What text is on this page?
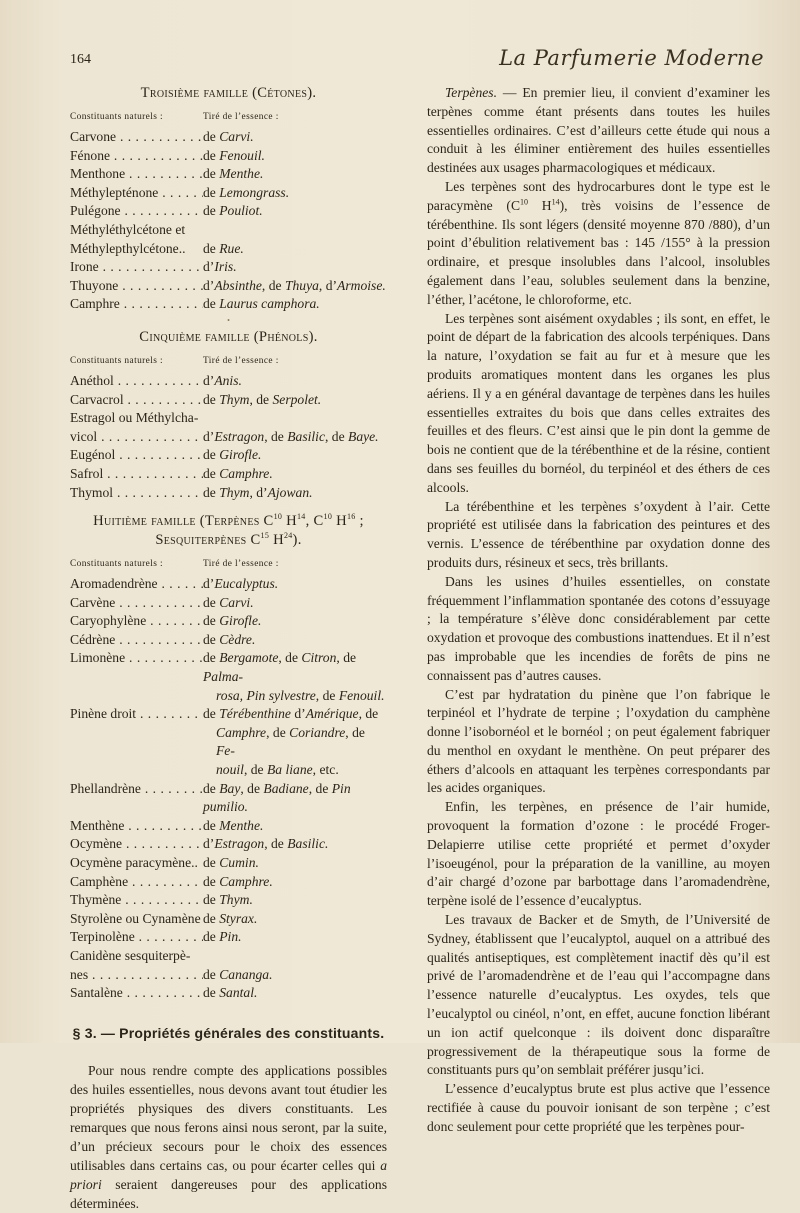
164	La Parfumerie Moderne
Troisième famille (Cétones).
Constituants naturels :	Tiré de l’essence :
Carvone . . .	de Carvi.
Fénone . . .	de Fenouil.
Menthone . . .	de Menthe.
Méthylepténone . . .	de Lemongrass.
Pulégone . . .	de Pouliot.
Méthyléthylcétone et
Méthylepthylcétone..	de Rue.
Irone . . .	d’Iris.
Thuyone . . .	d’Absinthe, de Thuya, d’Armoise.
Camphre . . .	de Laurus camphora.
•
Cinquième famille (Phénols).
Constituants naturels :	Tiré de l’essence :
Anéthol . . .	d’Anis.
Carvacrol . . .	de Thym, de Serpolet.
Estragol ou Méthylcha-
vicol . . .	d’Estragon, de Basilic, de Baye.
Eugénol . . .	de Girofle.
Safrol . . .	de Camphre.
Thymol . . .	de Thym, d’Ajowan.
Huitième famille (Terpènes $C^{10}$ $H^{14}$, $C^{10}$ $H^{16}$ ;
Sesquiterpènes $C^{15}$ $H^{24}$).
Constituants naturels :	Tiré de l’essence :
Aromadendrène . . .	d’Eucalyptus.
Carvène . . .	de Carvi.
Caryophylène . . .	de Girofle.
Cédrène . . .	de Cèdre.
Limonène . . .	de Bergamote, de Citron, de Palma-
rosa, Pin sylvestre, de Fenouil.
Pinène droit . . .	de Térébenthine d’Amérique, de
Camphre, de Coriandre, de Fe-
nouil, de Ba liane, etc.
Phellandrène . . .	de Bay, de Badiane, de Pin pumilio.
Menthène . . .	de Menthe.
Ocymène . . .	d’Estragon, de Basilic.
Ocymène paracymène.. de Cumin.
Camphène . . .	de Camphre.
Thymène . . .	de Thym.
Styrolène ou Cynamène . . . de Styrax.
Terpinolène . . .	de Pin.
Canidène sesquiterpè-
nes . . .	de Cananga.
Santalène . . .	de Santal.
§ 3. — Propriétés générales des constituants.

Pour nous rendre compte des applications possibles des huiles essentielles, nous devons avant tout étudier les propriétés physiques des divers constituants. Les remarques que nous ferons ainsi nous seront, par la suite, d’un précieux secours pour le choix des essences utilisables dans certains cas, ou pour écarter celles qui a priori seraient dangereuses pour des applications déterminées.

Terpènes. — En premier lieu, il convient d’examiner les terpènes comme étant présents dans toutes les huiles essentielles ordinaires. C’est d’ailleurs cette étude qui nous a conduit à les éliminer entièrement des huiles essentielles destinées aux usages pharmacologiques et médicaux.

Les terpènes sont des hydrocarbures dont le type est le paracymène ($C^{10}$ $H^{14}$), très voisins de l’essence de térébenthine. Ils sont légers (densité moyenne 870 /880), d’un point d’ébulition relativement bas : 145 /155° à la pression ordinaire, et presque insolubles dans l’alcool, insolubles également dans l’eau, solubles seulement dans la benzine, l’éther, l’acétone, le chloroforme, etc.

Les terpènes sont aisément oxydables ; ils sont, en effet, le point de départ de la fabrication des alcools terpéniques. Dans la nature, l’oxydation se fait au fur et à mesure que les produits aromatiques montent dans les organes les plus aériens. Il y a en général davantage de terpènes dans les huiles essentielles extraites du bois que dans celles extraites des feuilles et des fleurs. C’est ainsi que le pin dont la gemme de bois ne contient que de la térébenthine et de la résine, contient dans ses feuilles du bornéol, du terpinéol et des éthers de ces alcools.

La térébenthine et les terpènes s’oxydent à l’air. Cette propriété est utilisée dans la fabrication des peintures et des vernis. L’essence de térébenthine par oxydation donne des produits durs, résineux et secs, très brillants.

Dans les usines d’huiles essentielles, on constate fréquemment l’inflammation spontanée des cotons d’essuyage ; la température s’élève donc considérablement par cette oxydation et provoque des combustions inattendues. Et il n’est pas improbable que les incendies de forêts de pins ne connaissent pas d’autres causes.

C’est par hydratation du pinène que l’on fabrique le terpinéol et l’hydrate de terpine ; l’oxydation du camphène donne l’isobornéol et le bornéol ; on peut également fabriquer du menthol en oxydant le menthène. On peut préparer des éthers d’alcools en attaquant les terpènes correspondants par les acides organiques.

Enfin, les terpènes, en présence de l’air humide, provoquent la formation d’ozone : le procédé Froger-Delapierre utilise cette propriété et permet d’oxyder l’isoeugénol, pour la préparation de la vanilline, au moyen d’air chargé d’ozone par barbottage dans l’aromadendrène, terpène isolé de l’essence d’eucalyptus.

Les travaux de Backer et de Smyth, de l’Université de Sydney, établissent que l’eucalyptol, auquel on a attribué des qualités antiseptiques, est complètement inactif dès qu’il est privé de l’aromadendrène et de l’eau qui l’accompagne dans l’essence naturelle d’eucalyptus. Les oxydes, tels que l’eucalyptol ou cinéol, n’ont, en effet, aucune fonction libérant un ion actif quelconque : ils doivent donc disparaître progressivement de la thérapeutique sous la forme de constituants purs qu’on semblait préférer jusqu’ici.

L’essence d’eucalyptus brute est plus active que l’essence rectifiée à cause du pouvoir ionisant de son terpène ; c’est donc seulement pour cette propriété que les terpènes pour-
